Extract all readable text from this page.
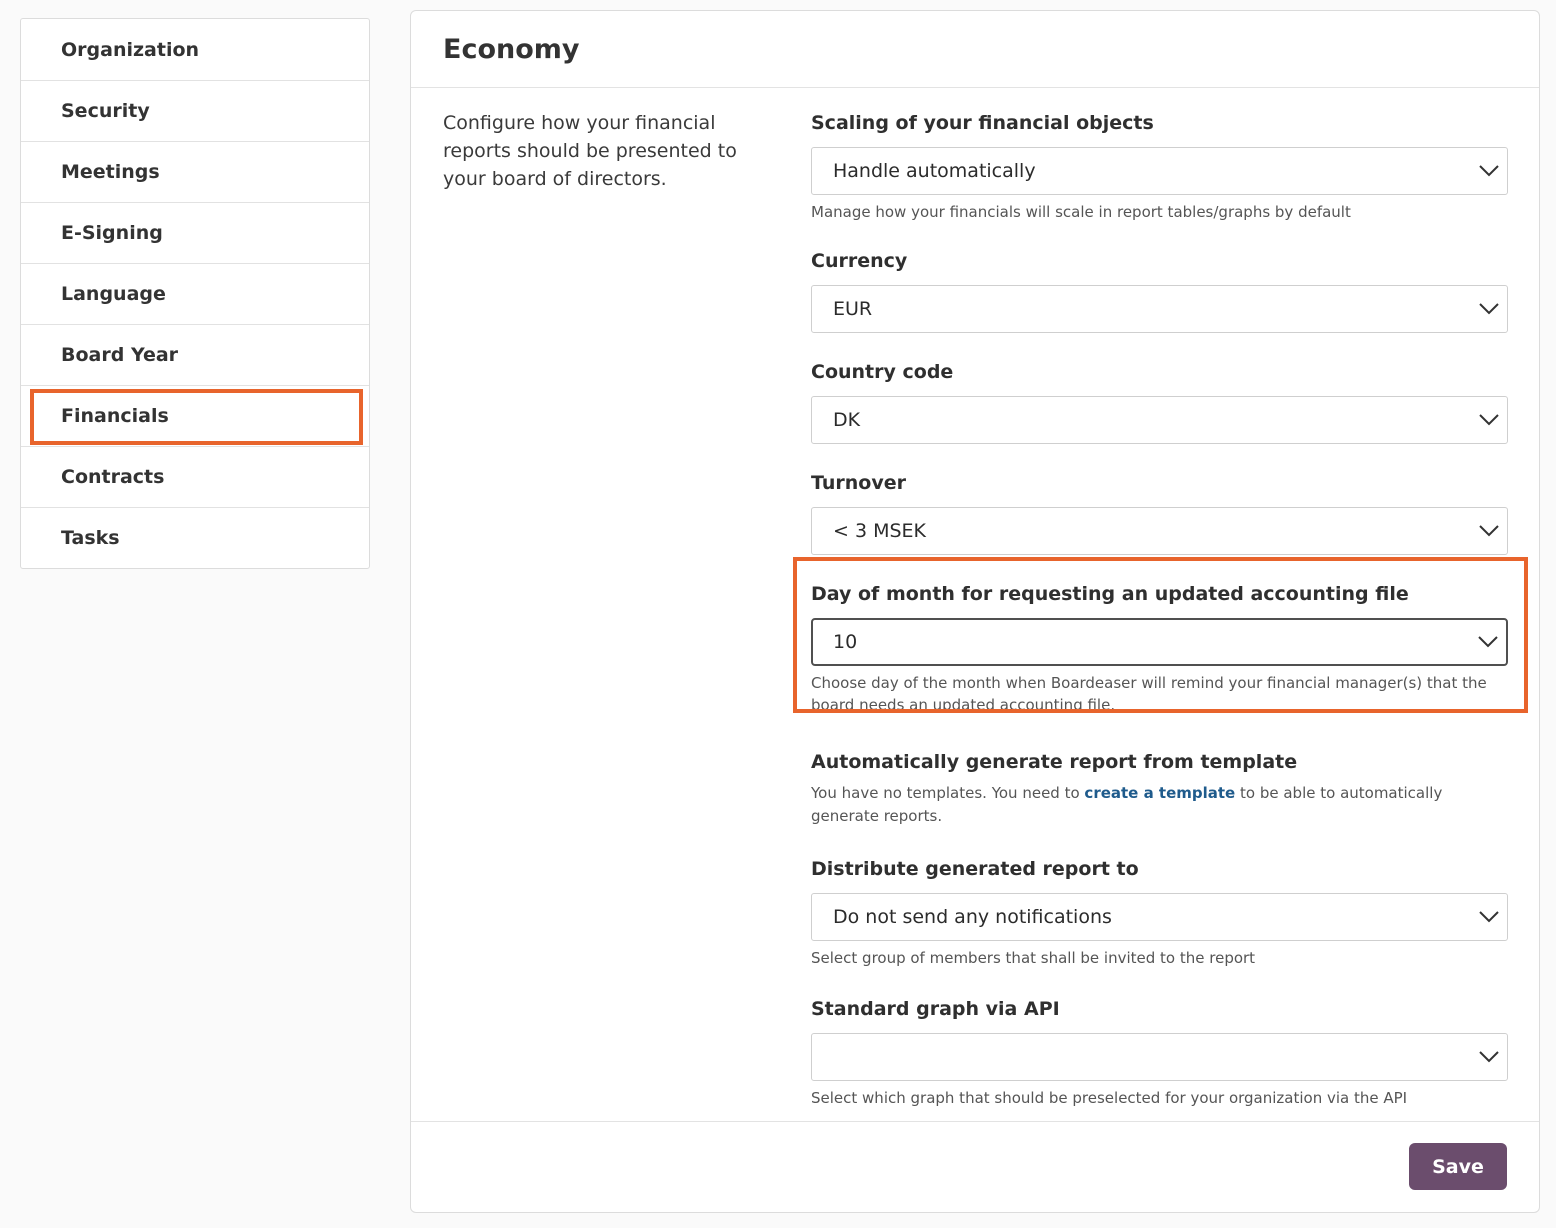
Organization
Security
Meetings
E-Signing
Language
Board Year
Financials
Contracts
Tasks
Economy

Configure how your financial reports should be presented to your board of directors.

Scaling of your financial objects
Handle automatically
Manage how your financials will scale in report tables/graphs by default
Currency
EUR
Country code
DK
Turnover
< 3 MSEK
Day of month for requesting an updated accounting file
10
Choose day of the month when Boardeaser will remind your financial manager(s) that the board needs an updated accounting file.
Automatically generate report from template
You have no templates. You need to create a template to be able to automatically generate reports.
Distribute generated report to
Do not send any notifications
Select group of members that shall be invited to the report
Standard graph via API
Select which graph that should be preselected for your organization via the API
Save
